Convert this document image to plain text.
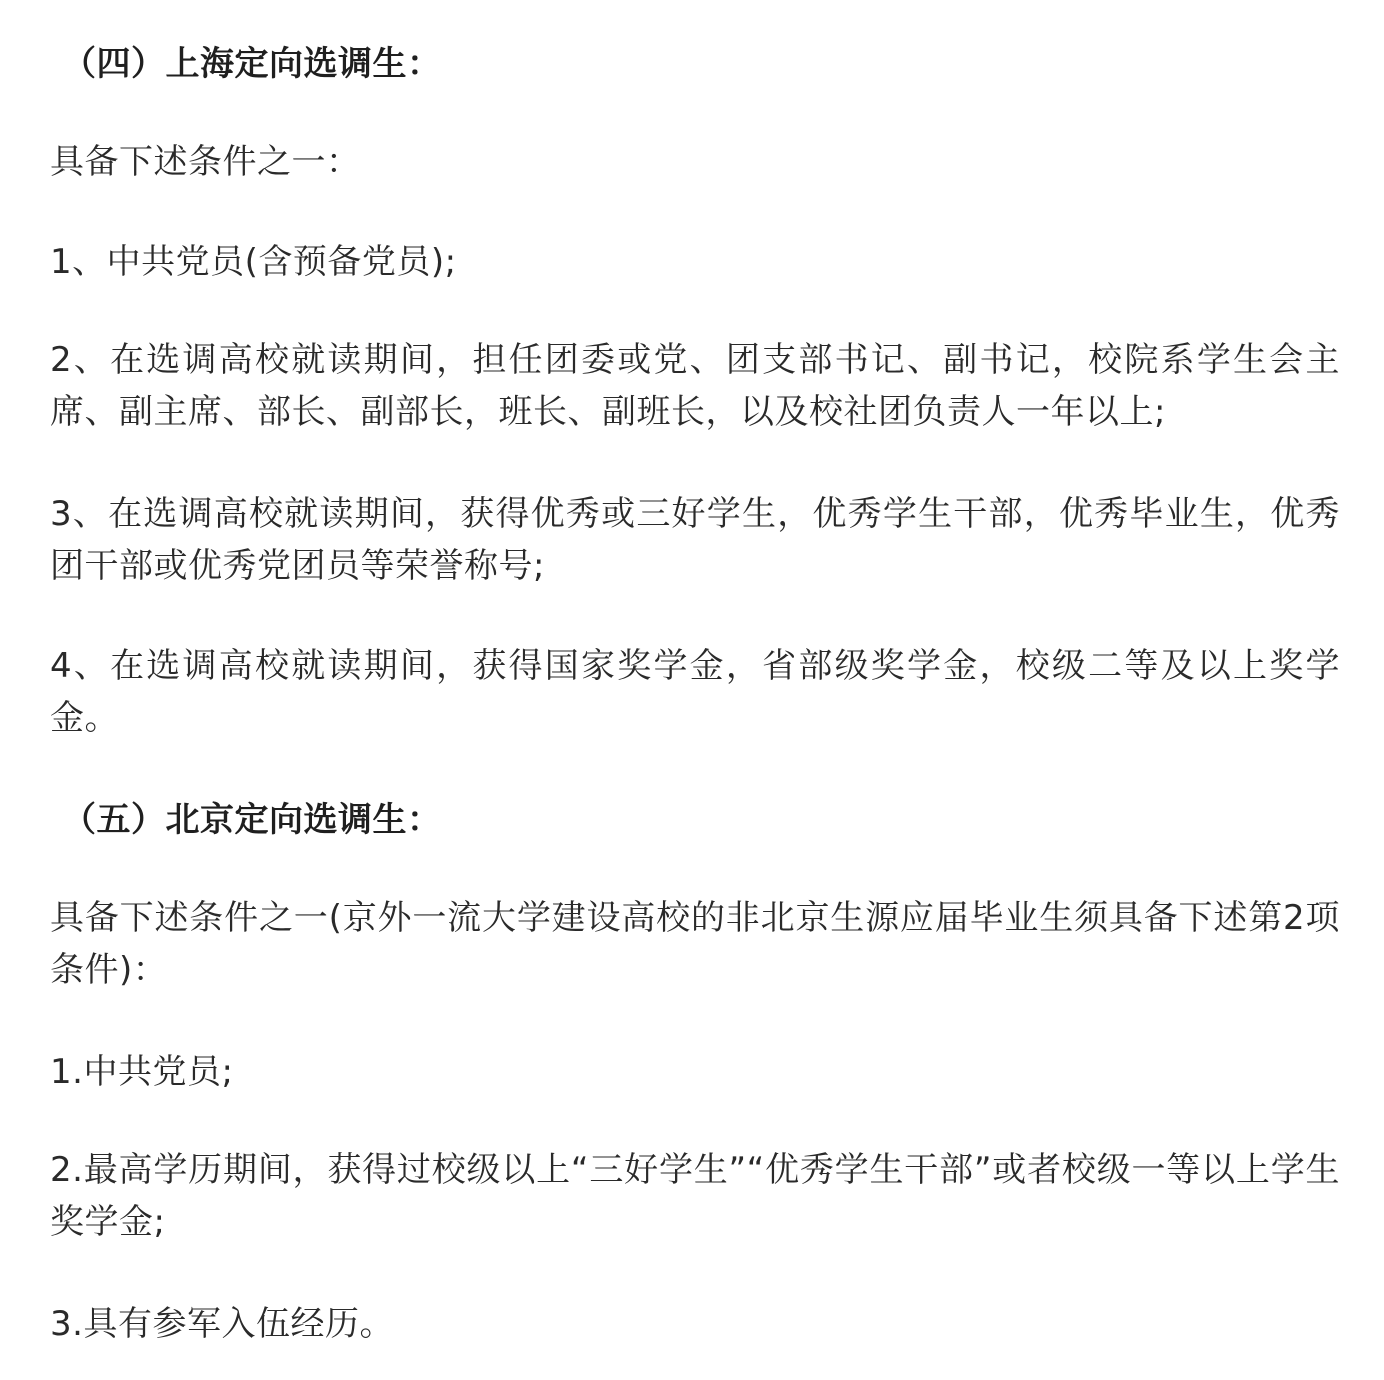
（四）上海定向选调生：
具备下述条件之一：
1、中共党员(含预备党员);
2、在选调高校就读期间，担任团委或党、团支部书记、副书记，校院系学生会主席、副主席、部长、副部长，班长、副班长，以及校社团负责人一年以上;
3、在选调高校就读期间，获得优秀或三好学生，优秀学生干部，优秀毕业生，优秀团干部或优秀党团员等荣誉称号;
4、在选调高校就读期间，获得国家奖学金，省部级奖学金，校级二等及以上奖学金。
（五）北京定向选调生：
具备下述条件之一(京外一流大学建设高校的非北京生源应届毕业生须具备下述第2项条件)：
1.中共党员;
2.最高学历期间，获得过校级以上“三好学生”“优秀学生干部”或者校级一等以上学生奖学金;
3.具有参军入伍经历。
